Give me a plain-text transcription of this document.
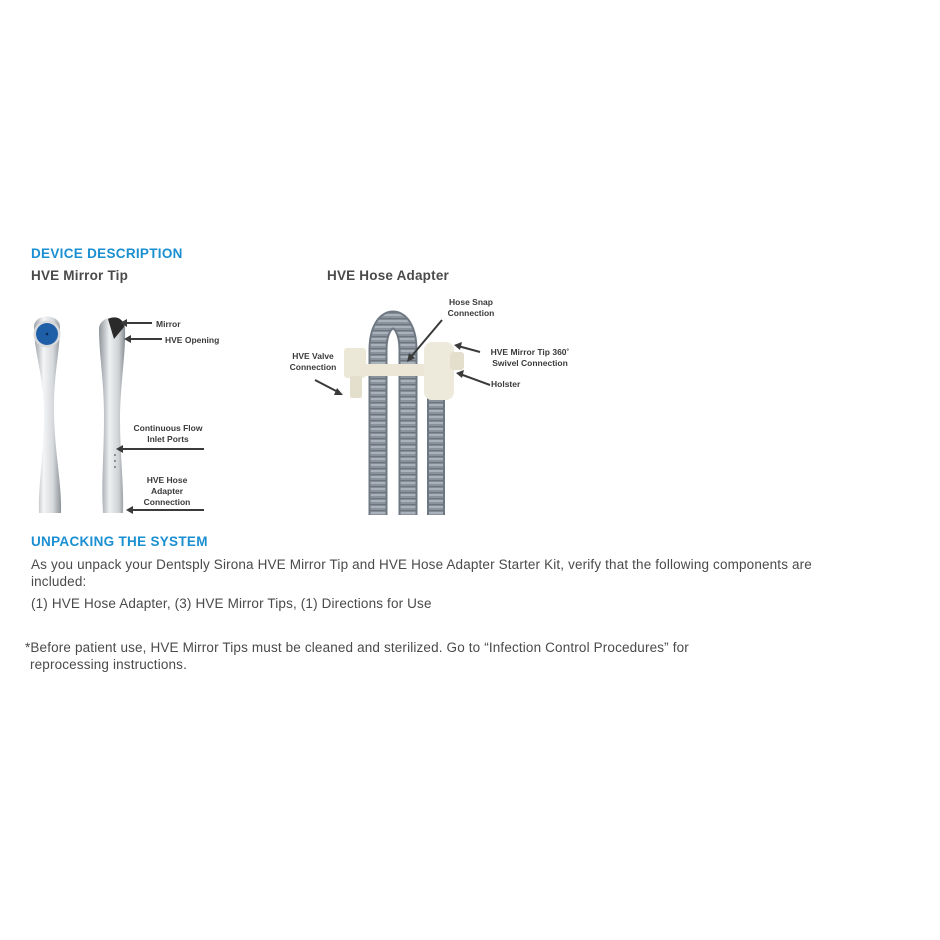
DEVICE DESCRIPTION
HVE Mirror Tip	HVE Hose Adapter
Mirror
HVE Opening
Continuous Flow
Inlet Ports
HVE Hose
Adapter
Connection
Hose Snap
Connection
HVE Valve
Connection
HVE Mirror Tip 360˚
Swivel Connection
Holster
UNPACKING THE SYSTEM
As you unpack your Dentsply Sirona HVE Mirror Tip and HVE Hose Adapter Starter Kit, verify that the following components are
included:
(1) HVE Hose Adapter, (3) HVE Mirror Tips, (1) Directions for Use
*Before patient use, HVE Mirror Tips must be cleaned and sterilized. Go to “Infection Control Procedures” for
reprocessing instructions.
